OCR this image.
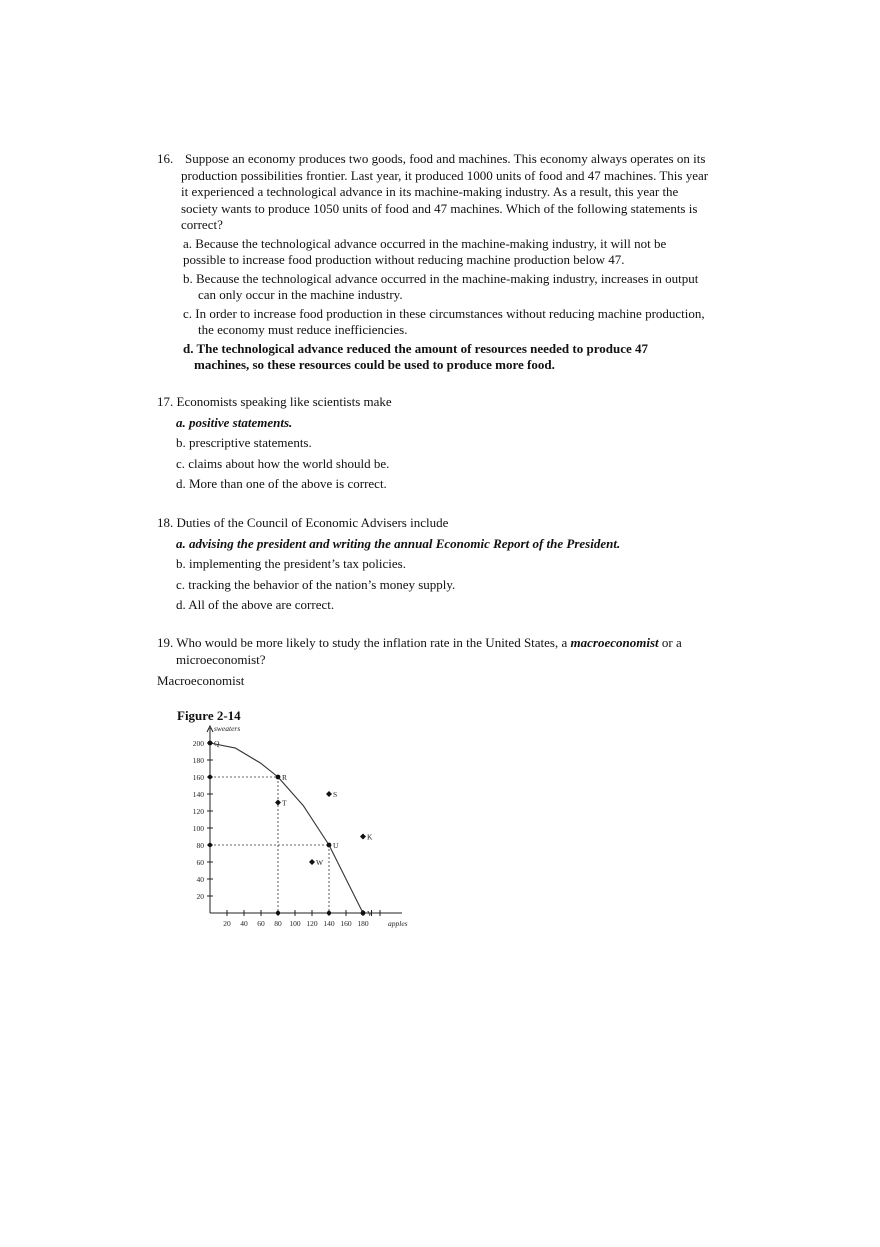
16. Suppose an economy produces two goods, food and machines. This economy always operates on its
production possibilities frontier. Last year, it produced 1000 units of food and 47 machines. This year
it experienced a technological advance in its machine-making industry. As a result, this year the
society wants to produce 1050 units of food and 47 machines. Which of the following statements is
correct?
a. Because the technological advance occurred in the machine-making industry, it will not be
possible to increase food production without reducing machine production below 47.
b. Because the technological advance occurred in the machine-making industry, increases in output
can only occur in the machine industry.
c. In order to increase food production in these circumstances without reducing machine production,
the economy must reduce inefficiencies.
d. The technological advance reduced the amount of resources needed to produce 47
machines, so these resources could be used to produce more food.
17. Economists speaking like scientists make
a. positive statements.
b. prescriptive statements.
c. claims about how the world should be.
d. More than one of the above is correct.
18. Duties of the Council of Economic Advisers include
a. advising the president and writing the annual Economic Report of the President.
b. implementing the president’s tax policies.
c. tracking the behavior of the nation’s money supply.
d. All of the above are correct.
19. Who would be more likely to study the inflation rate in the United States, a macroeconomist or a
microeconomist?
Macroeconomist
Figure 2-14
20
40
60
80
100
120
140
160
180
200
20 40 60 80 100 120 140 160 180
sweaters
apples
Q
R
S
T
U
K
W
V
